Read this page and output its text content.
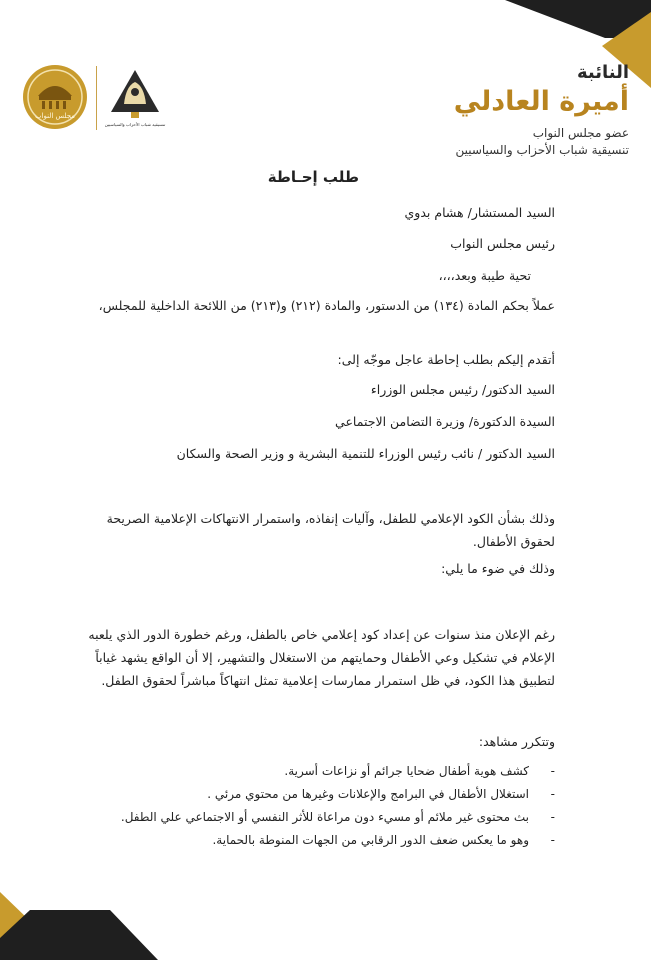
مجلس النواب
تنسيقية شباب الأحزاب والسياسيين
النائبة
أميرة العادلي
عضو مجلس النواب
تنسيقية شباب الأحزاب والسياسيين
طلب إحـاطة
السيد المستشار/ هشام بدوي
رئيس مجلس النواب
تحية طيبة وبعد،،،،
عملاً بحكم المادة (١٣٤) من الدستور، والمادة (٢١٢) و(٢١٣) من اللائحة الداخلية للمجلس،
أتقدم إليكم بطلب إحاطة عاجل موجّه إلى:
السيد الدكتور/ رئيس مجلس الوزراء
السيدة الدكتورة/ وزيرة التضامن الاجتماعي
السيد الدكتور / نائب رئيس الوزراء للتنمية البشرية و وزير الصحة والسكان
وذلك بشأن الكود الإعلامي للطفل، وآليات إنفاذه، واستمرار الانتهاكات الإعلامية الصريحة لحقوق الأطفال.
وذلك في ضوء ما يلي:
رغم الإعلان منذ سنوات عن إعداد كود إعلامي خاص بالطفل، ورغم خطورة الدور الذي يلعبه الإعلام في تشكيل وعي الأطفال وحمايتهم من الاستغلال والتشهير، إلا أن الواقع يشهد غياباً لتطبيق هذا الكود، في ظل استمرار ممارسات إعلامية تمثل انتهاكاً مباشراً لحقوق الطفل.
وتتكرر مشاهد:
-
كشف هوية أطفال ضحايا جرائم أو نزاعات أسرية.
-
استغلال الأطفال في البرامج والإعلانات وغيرها من محتوي مرئي .
-
بث محتوى غير ملائم أو مسيء دون مراعاة للأثر النفسي أو الاجتماعي علي الطفل.
-
وهو ما يعكس ضعف الدور الرقابي من الجهات المنوطة بالحماية.
